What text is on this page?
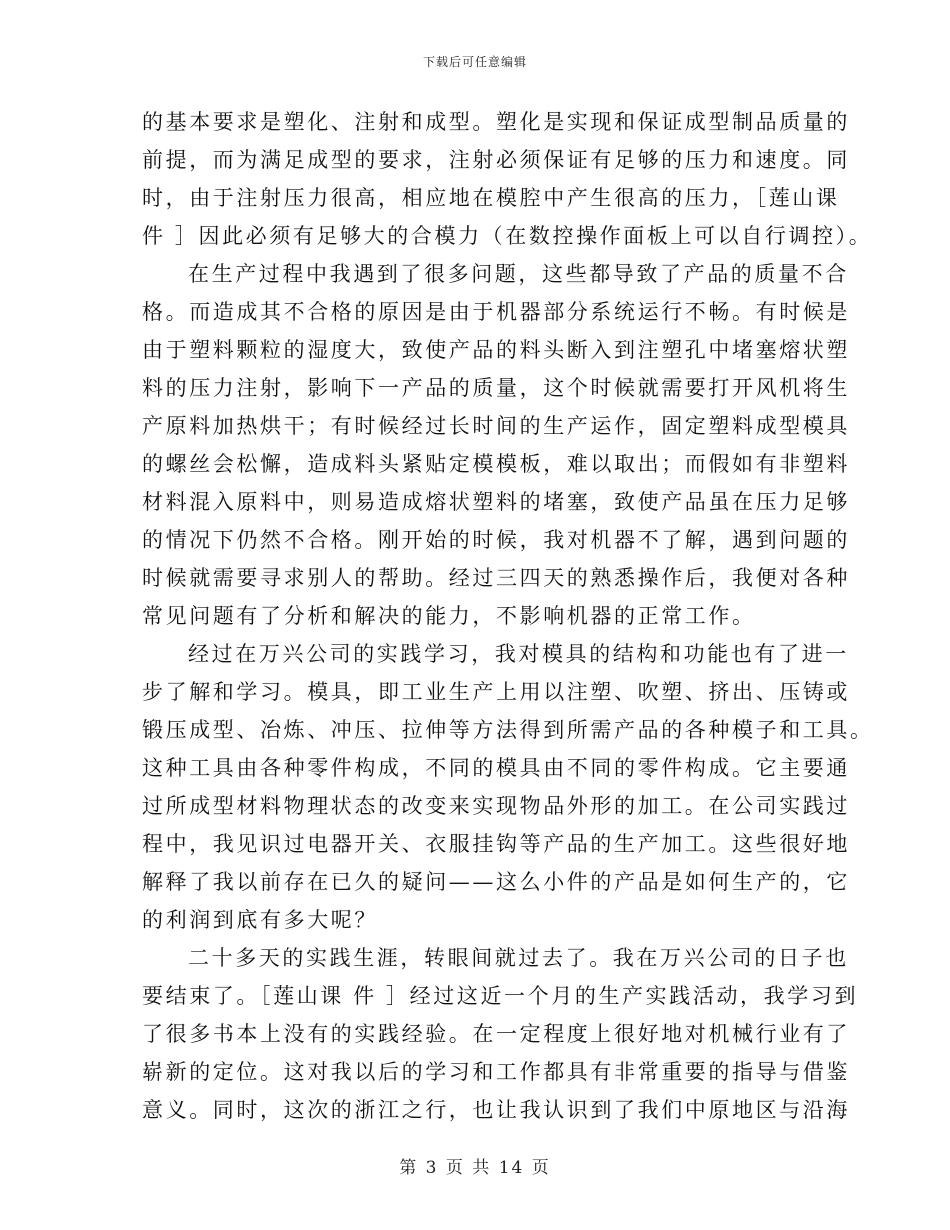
下载后可任意编辑
的基本要求是塑化、注射和成型。塑化是实现和保证成型制品质量的
前提，而为满足成型的要求，注射必须保证有足够的压力和速度。同
时，由于注射压力很高，相应地在模腔中产生很高的压力，［莲山课
件 ］因此必须有足够大的合模力（在数控操作面板上可以自行调控）。
在生产过程中我遇到了很多问题，这些都导致了产品的质量不合
格。而造成其不合格的原因是由于机器部分系统运行不畅。有时候是
由于塑料颗粒的湿度大，致使产品的料头断入到注塑孔中堵塞熔状塑
料的压力注射，影响下一产品的质量，这个时候就需要打开风机将生
产原料加热烘干；有时候经过长时间的生产运作，固定塑料成型模具
的螺丝会松懈，造成料头紧贴定模模板，难以取出；而假如有非塑料
材料混入原料中，则易造成熔状塑料的堵塞，致使产品虽在压力足够
的情况下仍然不合格。刚开始的时候，我对机器不了解，遇到问题的
时候就需要寻求别人的帮助。经过三四天的熟悉操作后，我便对各种
常见问题有了分析和解决的能力，不影响机器的正常工作。
经过在万兴公司的实践学习，我对模具的结构和功能也有了进一
步了解和学习。模具，即工业生产上用以注塑、吹塑、挤出、压铸或
锻压成型、冶炼、冲压、拉伸等方法得到所需产品的各种模子和工具。
这种工具由各种零件构成，不同的模具由不同的零件构成。它主要通
过所成型材料物理状态的改变来实现物品外形的加工。在公司实践过
程中，我见识过电器开关、衣服挂钩等产品的生产加工。这些很好地
解释了我以前存在已久的疑问——这么小件的产品是如何生产的，它
的利润到底有多大呢？
二十多天的实践生涯，转眼间就过去了。我在万兴公司的日子也
要结束了。［莲山课 件 ］经过这近一个月的生产实践活动，我学习到
了很多书本上没有的实践经验。在一定程度上很好地对机械行业有了
崭新的定位。这对我以后的学习和工作都具有非常重要的指导与借鉴
意义。同时，这次的浙江之行，也让我认识到了我们中原地区与沿海
第 3 页 共 14 页
